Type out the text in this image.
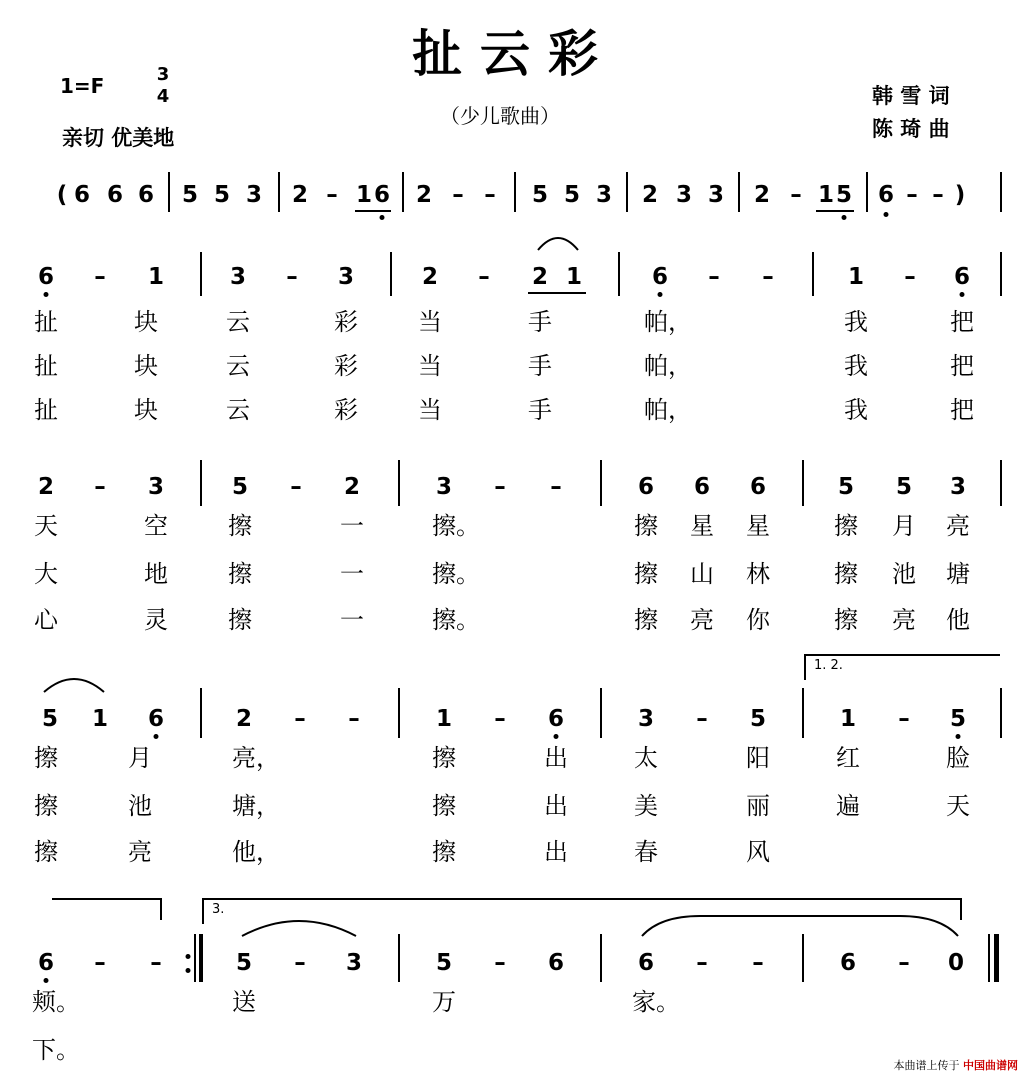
扯云彩
1=F	3
4
亲切 优美地
（少儿歌曲）
韩 雪 词
陈 琦 曲
( 6 6 6 5 5 3 2 – 1 6 2 – – 5 5 3 2 3 3 2 – 1 5 6 – – )
6 – 1	3 – 3	2 – 2 1	6 – –	1 – 6
扯	块	云	彩	当	手	帕，	我	把
扯	块	云	彩	当	手	帕，	我	把
扯	块	云	彩	当	手	帕，	我	把
2 – 3	5 – 2	3 – –	6 6 6	5 5 3
天	空	擦	一	擦。	擦 星 星	擦 月 亮
大	地	擦	一	擦。	擦 山 林	擦 池 塘
心	灵	擦	一	擦。	擦 亮 你	擦 亮 他
1. 2.
5 1 6	2 – –	1 – 6	3 – 5	1 – 5
擦	月	亮，	擦	出	太	阳	红	脸
擦	池	塘，	擦	出	美	丽	遍	天
擦	亮	他，	擦	出	春	风
3.
6 – –	5 – 3	5 – 6	6 – –	6 – 0
颊。	送	万	家。
下。
本曲谱上传于 中国曲谱网
